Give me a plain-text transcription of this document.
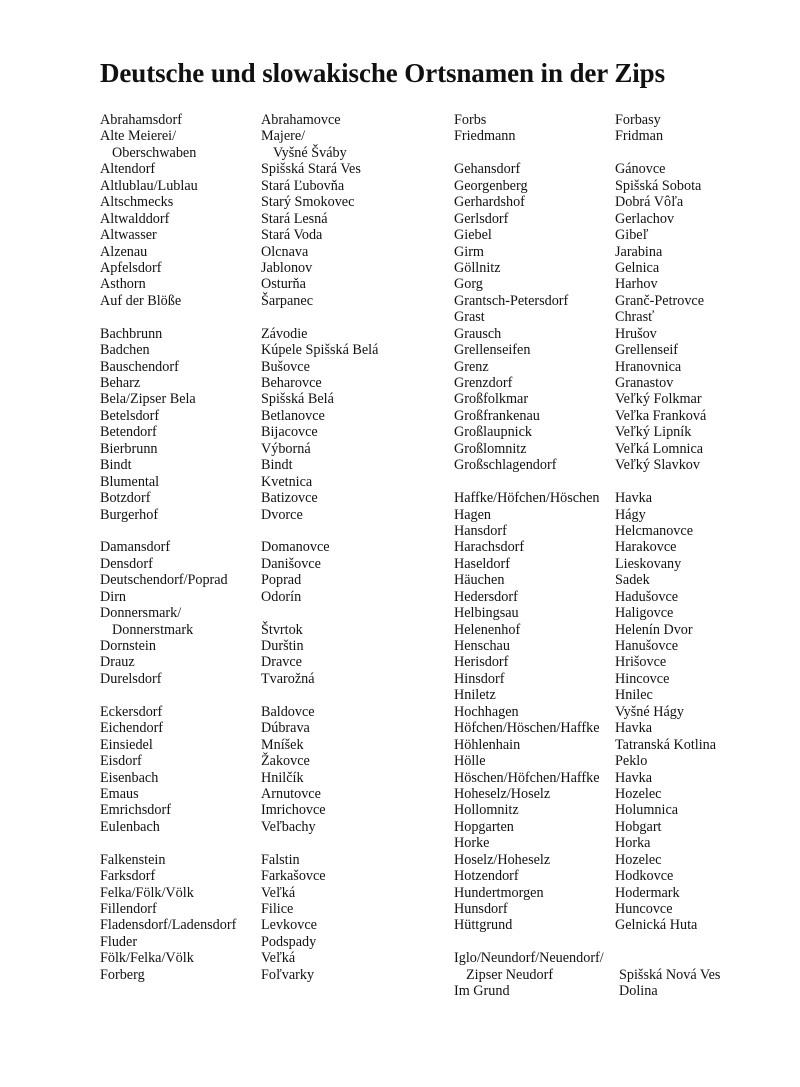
Deutsche und slowakische Ortsnamen in der Zips
Abrahamsdorf
Alte Meierei/
Oberschwaben
Altendorf
Altlublau/Lublau
Altschmecks
Altwalddorf
Altwasser
Alzenau
Apfelsdorf
Asthorn
Auf der Blöße
Bachbrunn
Badchen
Bauschendorf
Beharz
Bela/Zipser Bela
Betelsdorf
Betendorf
Bierbrunn
Bindt
Blumental
Botzdorf
Burgerhof
Damansdorf
Densdorf
Deutschendorf/Poprad
Dirn
Donnersmark/
Donnerstmark
Dornstein
Drauz
Durelsdorf
Eckersdorf
Eichendorf
Einsiedel
Eisdorf
Eisenbach
Emaus
Emrichsdorf
Eulenbach
Falkenstein
Farksdorf
Felka/Fölk/Völk
Fillendorf
Fladensdorf/Ladensdorf
Fluder
Fölk/Felka/Völk
Forberg
Abrahamovce
Majere/
Vyšné Šváby
Spišská Stará Ves
Stará Ľubovňa
Starý Smokovec
Stará Lesná
Stará Voda
Olcnava
Jablonov
Osturňa
Šarpanec
Závodie
Kúpele Spišská Belá
Bušovce
Beharovce
Spišská Belá
Betlanovce
Bijacovce
Výborná
Bindt
Kvetnica
Batizovce
Dvorce
Domanovce
Danišovce
Poprad
Odorín
Štvrtok
Durštin
Dravce
Tvarožná
Baldovce
Dúbrava
Mníšek
Žakovce
Hnilčík
Arnutovce
Imrichovce
Veľbachy
Falstin
Farkašovce
Veľká
Filice
Levkovce
Podspady
Veľká
Foľvarky
Forbs
Friedmann
Gehansdorf
Georgenberg
Gerhardshof
Gerlsdorf
Giebel
Girm
Göllnitz
Gorg
Grantsch-Petersdorf
Grast
Grausch
Grellenseifen
Grenz
Grenzdorf
Großfolkmar
Großfrankenau
Großlaupnick
Großlomnitz
Großschlagendorf
Haffke/Höfchen/Höschen
Hagen
Hansdorf
Harachsdorf
Haseldorf
Häuchen
Hedersdorf
Helbingsau
Helenenhof
Henschau
Herisdorf
Hinsdorf
Hniletz
Hochhagen
Höfchen/Höschen/Haffke
Höhlenhain
Hölle
Höschen/Höfchen/Haffke
Hoheselz/Hoselz
Hollomnitz
Hopgarten
Horke
Hoselz/Hoheselz
Hotzendorf
Hundertmorgen
Hunsdorf
Hüttgrund
Iglo/Neundorf/Neuendorf/
Zipser Neudorf
Im Grund
Forbasy
Fridman
Gánovce
Spišská Sobota
Dobrá Vôľa
Gerlachov
Gibeľ
Jarabina
Gelnica
Harhov
Granč-Petrovce
Chrasť
Hrušov
Grellenseif
Hranovnica
Granastov
Veľký Folkmar
Veľka Franková
Veľký Lipník
Veľká Lomnica
Veľký Slavkov
Havka
Hágy
Helcmanovce
Harakovce
Lieskovany
Sadek
Hadušovce
Haligovce
Helenín Dvor
Hanušovce
Hrišovce
Hincovce
Hnilec
Vyšné Hágy
Havka
Tatranská Kotlina
Peklo
Havka
Hozelec
Holumnica
Hobgart
Horka
Hozelec
Hodkovce
Hodermark
Huncovce
Gelnická Huta
Spišská Nová Ves
Dolina
